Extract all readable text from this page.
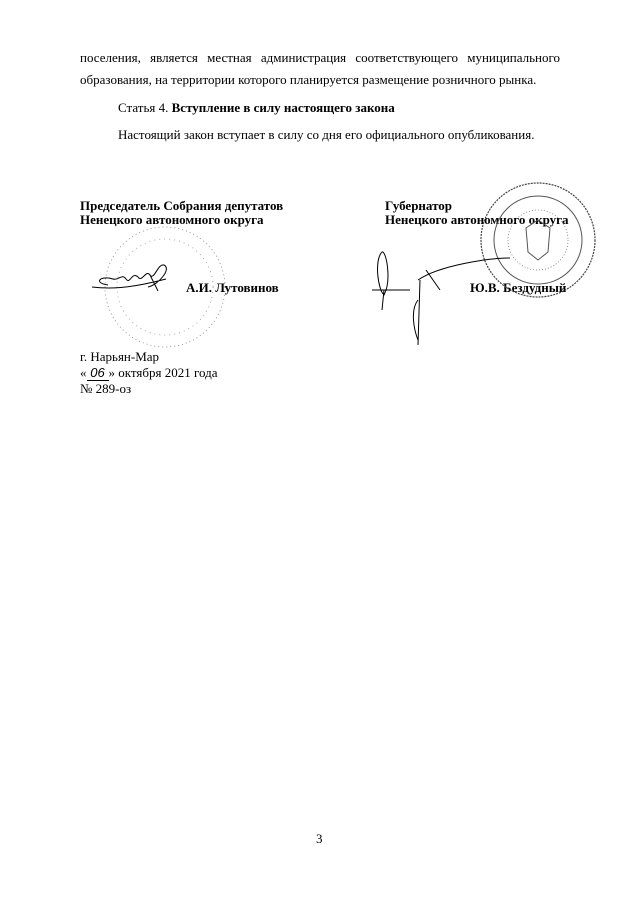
поселения, является местная администрация соответствующего муниципального
образования, на территории которого планируется размещение розничного рынка.
Статья 4. Вступление в силу настоящего закона
Настоящий закон вступает в силу со дня его официального опубликования.
Председатель Собрания депутатов
Ненецкого автономного округа
А.И. Лутовинов
Губернатор
Ненецкого автономного округа
Ю.В. Бездудный
г. Нарьян-Мар
« 06 » октября 2021 года
№ 289-оз
3
